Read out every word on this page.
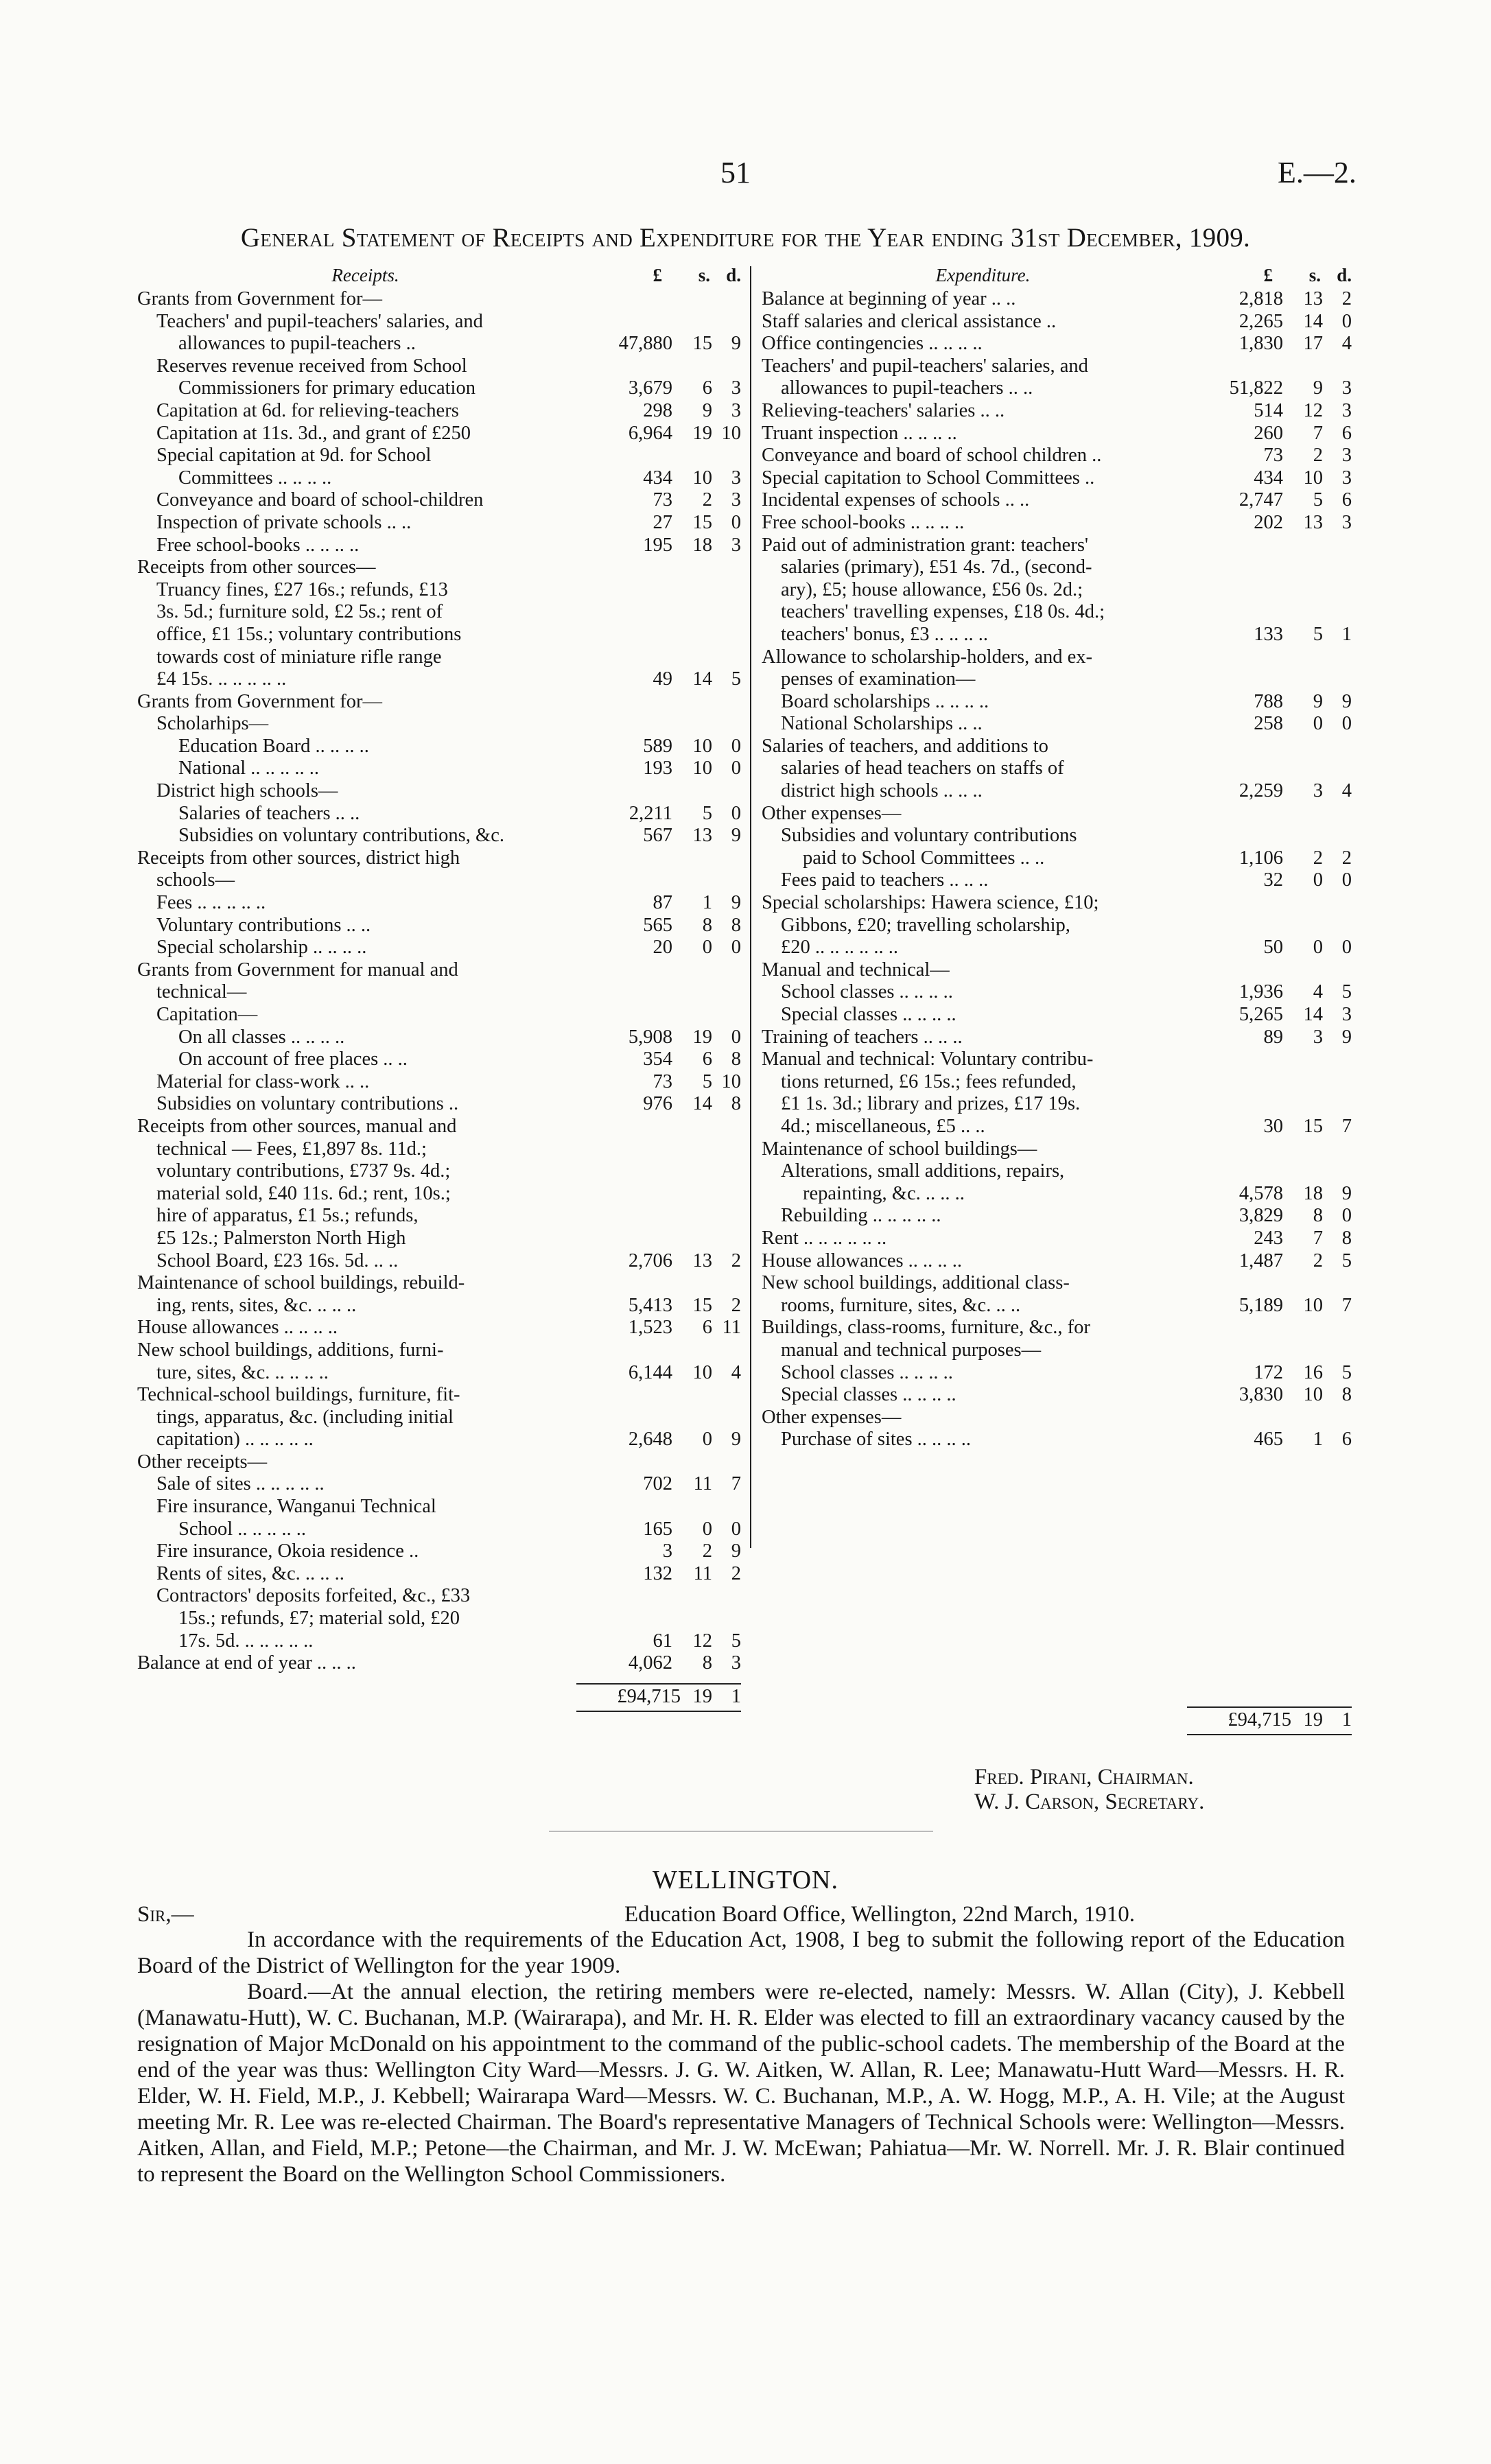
51	E.—2.
General Statement of Receipts and Expenditure for the Year ending 31st December, 1909.
Receipts.	£ s. d.
Grants from Government for—
Teachers' and pupil-teachers' salaries, and
allowances to pupil-teachers ..	47,880	15 9
Reserves revenue received from School
Commissioners for primary education	3,679	6 3
Capitation at 6d. for relieving-teachers	298	9 3
Capitation at 11s. 3d., and grant of £250	6,964	19 10
Special capitation at 9d. for School
Committees .. .. .. ..	434	10 3
Conveyance and board of school-children	73	2 3
Inspection of private schools .. ..	27	15 0
Free school-books .. .. .. ..	195	18 3
Receipts from other sources—
Truancy fines, £27 16s.; refunds, £13
3s. 5d.; furniture sold, £2 5s.; rent of
office, £1 15s.; voluntary contributions
towards cost of miniature rifle range
£4 15s. .. .. .. .. ..	49	14 5
Grants from Government for—
Scholarhips—
Education Board .. .. .. ..	589	10 0
National .. .. .. .. ..	193	10 0
District high schools—
Salaries of teachers .. ..	2,211	5 0
Subsidies on voluntary contributions, &c.	567	13 9
Receipts from other sources, district high
schools—
Fees .. .. .. .. ..	87	1 9
Voluntary contributions .. ..	565	8 8
Special scholarship .. .. .. ..	20	0 0
Grants from Government for manual and
technical—
Capitation—
On all classes .. .. .. ..	5,908	19 0
On account of free places .. ..	354	6 8
Material for class-work .. ..	73	5 10
Subsidies on voluntary contributions ..	976	14 8
Receipts from other sources, manual and
technical — Fees, £1,897 8s. 11d.;
voluntary contributions, £737 9s. 4d.;
material sold, £40 11s. 6d.; rent, 10s.;
hire of apparatus, £1 5s.; refunds,
£5 12s.; Palmerston North High
School Board, £23 16s. 5d. .. ..	2,706	13 2
Maintenance of school buildings, rebuild-
ing, rents, sites, &c. .. .. ..	5,413	15 2
House allowances .. .. .. ..	1,523	6 11
New school buildings, additions, furni-
ture, sites, &c. .. .. .. ..	6,144	10 4
Technical-school buildings, furniture, fit-
tings, apparatus, &c. (including initial
capitation) .. .. .. .. ..	2,648	0 9
Other receipts—
Sale of sites .. .. .. .. ..	702	11 7
Fire insurance, Wanganui Technical
School .. .. .. .. ..	165	0 0
Fire insurance, Okoia residence ..	3	2 9
Rents of sites, &c. .. .. ..	132	11 2
Contractors' deposits forfeited, &c., £33
15s.; refunds, £7; material sold, £20
17s. 5d. .. .. .. .. ..	61	12 5
Balance at end of year .. .. ..	4,062	8 3
£94,715 19 1
Expenditure.	£ s. d.
Balance at beginning of year .. ..	2,818	13 2
Staff salaries and clerical assistance ..	2,265	14 0
Office contingencies .. .. .. ..	1,830	17 4
Teachers' and pupil-teachers' salaries, and
allowances to pupil-teachers .. ..	51,822	9 3
Relieving-teachers' salaries .. ..	514	12 3
Truant inspection .. .. .. ..	260	7 6
Conveyance and board of school children ..	73	2 3
Special capitation to School Committees ..	434	10 3
Incidental expenses of schools .. ..	2,747	5 6
Free school-books .. .. .. ..	202	13 3
Paid out of administration grant: teachers'
salaries (primary), £51 4s. 7d., (second-
ary), £5; house allowance, £56 0s. 2d.;
teachers' travelling expenses, £18 0s. 4d.;
teachers' bonus, £3 .. .. .. ..	133	5 1
Allowance to scholarship-holders, and ex-
penses of examination—
Board scholarships .. .. .. ..	788	9 9
National Scholarships .. ..	258	0 0
Salaries of teachers, and additions to
salaries of head teachers on staffs of
district high schools .. .. ..	2,259	3 4
Other expenses—
Subsidies and voluntary contributions
paid to School Committees .. ..	1,106	2 2
Fees paid to teachers .. .. ..	32	0 0
Special scholarships: Hawera science, £10;
Gibbons, £20; travelling scholarship,
£20 .. .. .. .. .. ..	50	0 0
Manual and technical—
School classes .. .. .. ..	1,936	4 5
Special classes .. .. .. ..	5,265	14 3
Training of teachers .. .. ..	89	3 9
Manual and technical: Voluntary contribu-
tions returned, £6 15s.; fees refunded,
£1 1s. 3d.; library and prizes, £17 19s.
4d.; miscellaneous, £5 .. ..	30	15 7
Maintenance of school buildings—
Alterations, small additions, repairs,
repainting, &c. .. .. ..	4,578	18 9
Rebuilding .. .. .. .. ..	3,829	8 0
Rent .. .. .. .. .. ..	243	7 8
House allowances .. .. .. ..	1,487	2 5
New school buildings, additional class-
rooms, furniture, sites, &c. .. ..	5,189	10 7
Buildings, class-rooms, furniture, &c., for
manual and technical purposes—
School classes .. .. .. ..	172	16 5
Special classes .. .. .. ..	3,830	10 8
Other expenses—
Purchase of sites .. .. .. ..	465	1 6
£94,715 19 1
Fred. Pirani, Chairman.
W. J. Carson, Secretary.
WELLINGTON.
Sir,—	Education Board Office, Wellington, 22nd March, 1910.
In accordance with the requirements of the Education Act, 1908, I beg to submit the following report of the Education Board of the District of Wellington for the year 1909.
Board.—At the annual election, the retiring members were re-elected, namely: Messrs. W. Allan (City), J. Kebbell (Manawatu-Hutt), W. C. Buchanan, M.P. (Wairarapa), and Mr. H. R. Elder was elected to fill an extraordinary vacancy caused by the resignation of Major McDonald on his appointment to the command of the public-school cadets. The membership of the Board at the end of the year was thus: Wellington City Ward—Messrs. J. G. W. Aitken, W. Allan, R. Lee; Manawatu-Hutt Ward—Messrs. H. R. Elder, W. H. Field, M.P., J. Kebbell; Wairarapa Ward—Messrs. W. C. Buchanan, M.P., A. W. Hogg, M.P., A. H. Vile; at the August meeting Mr. R. Lee was re-elected Chairman. The Board's representative Managers of Technical Schools were: Wellington—Messrs. Aitken, Allan, and Field, M.P.; Petone—the Chairman, and Mr. J. W. McEwan; Pahiatua—Mr. W. Norrell. Mr. J. R. Blair continued to represent the Board on the Wellington School Commissioners.
